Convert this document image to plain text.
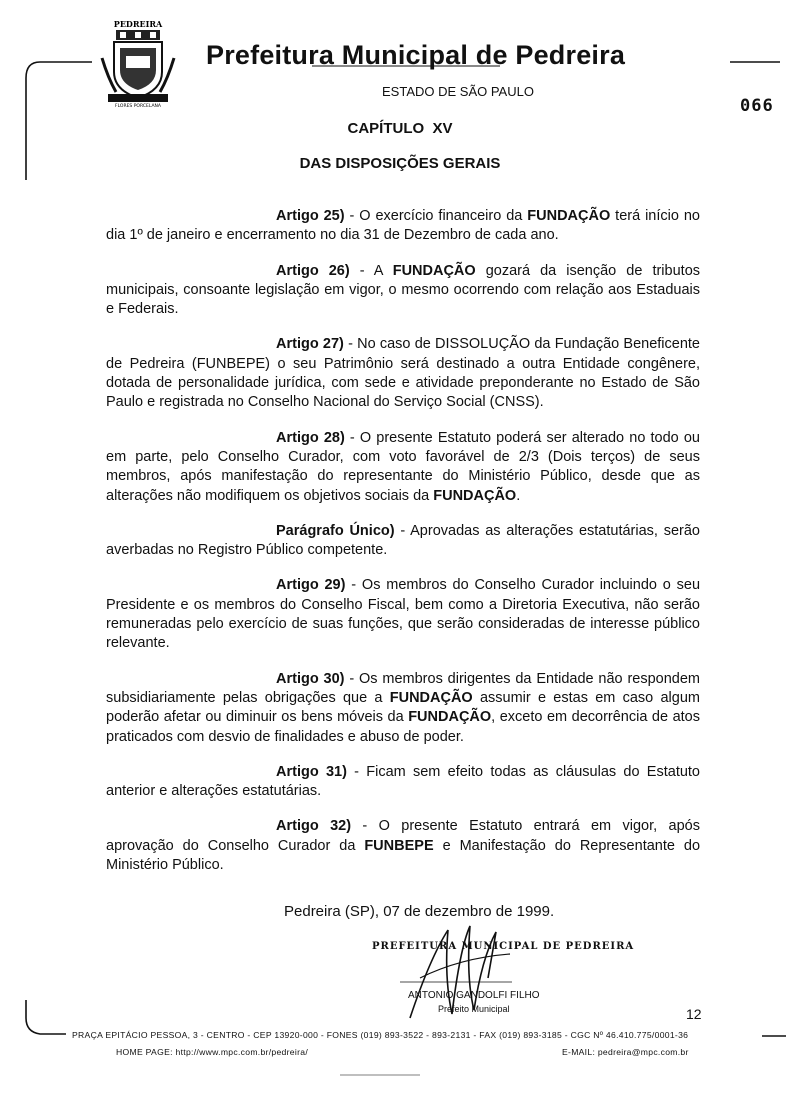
PEDREIRA
FLORES PORCELANA
Prefeitura Municipal de Pedreira
ESTADO DE SÃO PAULO
066
CAPÍTULO  XV
DAS DISPOSIÇÕES GERAIS

Artigo 25) - O exercício financeiro da FUNDAÇÃO terá início no dia 1º de janeiro e encerramento no dia 31 de Dezembro de cada ano.

Artigo 26) - A FUNDAÇÃO gozará da isenção de tributos municipais, consoante legislação em vigor, o mesmo ocorrendo com relação aos Estaduais e Federais.

Artigo 27) - No caso de DISSOLUÇÃO da Fundação Beneficente de Pedreira (FUNBEPE) o seu Patrimônio será destinado a outra Entidade congênere, dotada de personalidade jurídica, com sede e atividade preponderante no Estado de São Paulo e registrada no Conselho Nacional do Serviço Social (CNSS).

Artigo 28) - O presente Estatuto poderá ser alterado no todo ou em parte, pelo Conselho Curador, com voto favorável de 2/3 (Dois terços) de seus membros, após manifestação do representante do Ministério Público, desde que as alterações não modifiquem os objetivos sociais da FUNDAÇÃO.

Parágrafo Único) - Aprovadas as alterações estatutárias, serão averbadas no Registro Público competente.

Artigo 29) - Os membros do Conselho Curador incluindo o seu Presidente e os membros do Conselho Fiscal, bem como a Diretoria Executiva, não serão remuneradas pelo exercício de suas funções, que serão consideradas de interesse público relevante.

Artigo 30) - Os membros dirigentes da Entidade não respondem subsidiariamente pelas obrigações que a FUNDAÇÃO assumir e estas em caso algum poderão afetar ou diminuir os bens móveis da FUNDAÇÃO, exceto em decorrência de atos praticados com desvio de finalidades e abuso de poder.

Artigo 31) - Ficam sem efeito todas as cláusulas do Estatuto anterior e alterações estatutárias.

Artigo 32) - O presente Estatuto entrará em vigor, após aprovação do Conselho Curador da FUNBEPE e Manifestação do Representante do Ministério Público.

Pedreira (SP), 07 de dezembro de 1999.
PREFEITURA MUNICIPAL DE PEDREIRA
ANTONIO GANDOLFI FILHO
Prefeito Municipal	12
PRAÇA EPITÁCIO PESSOA, 3 - CENTRO - CEP 13920-000 - FONES (019) 893-3522 - 893-2131 - FAX (019) 893-3185 - CGC Nº 46.410.775/0001-36
HOME PAGE: http://www.mpc.com.br/pedreira/	E-MAIL: pedreira@mpc.com.br
